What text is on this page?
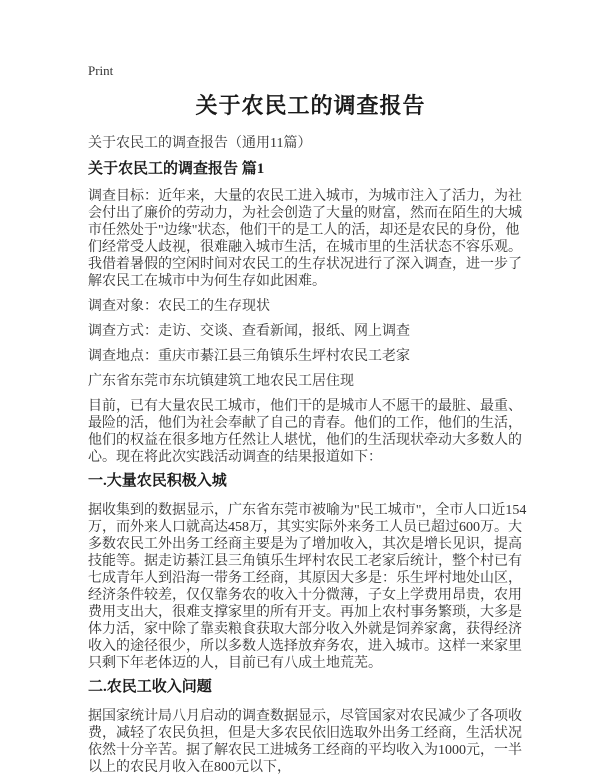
Print
关于农民工的调查报告

关于农民工的调查报告（通用11篇）

关于农民工的调查报告 篇1

调查目标：近年来，大量的农民工进入城市，为城市注入了活力，为社会付出了廉价的劳动力，为社会创造了大量的财富，然而在陌生的大城市任然处于"边缘"状态，他们干的是工人的活，却还是农民的身份，他们经常受人歧视，很难融入城市生活，在城市里的生活状态不容乐观。我借着暑假的空闲时间对农民工的生存状况进行了深入调查，进一步了解农民工在城市中为何生存如此困难。

调查对象：农民工的生存现状

调查方式：走访、交谈、查看新闻，报纸、网上调查

调查地点：重庆市綦江县三角镇乐生坪村农民工老家

广东省东莞市东坑镇建筑工地农民工居住现

目前，已有大量农民工城市，他们干的是城市人不愿干的最脏、最重、最险的活，他们为社会奉献了自己的青春。他们的工作，他们的生活，他们的权益在很多地方任然让人堪忧，他们的生活现状牵动大多数人的心。现在将此次实践活动调查的结果报道如下：

一.大量农民积极入城

据收集到的数据显示，广东省东莞市被喻为"民工城市"，全市人口近154万，而外来人口就高达458万，其实实际外来务工人员已超过600万。大多数农民工外出务工经商主要是为了增加收入，其次是增长见识，提高技能等。据走访綦江县三角镇乐生坪村农民工老家后统计，整个村已有七成青年人到沿海一带务工经商，其原因大多是：乐生坪村地处山区，经济条件较差，仅仅靠务农的收入十分微薄，子女上学费用昂贵，农用费用支出大，很难支撑家里的所有开支。再加上农村事务繁琐，大多是体力活，家中除了靠卖粮食获取大部分收入外就是饲养家禽，获得经济收入的途径很少，所以多数人选择放弃务农，进入城市。这样一来家里只剩下年老体迈的人，目前已有八成土地荒芜。

二.农民工收入问题

据国家统计局八月启动的调查数据显示，尽管国家对农民减少了各项收费，减轻了农民负担，但是大多农民依旧选取外出务工经商，生活状况依然十分辛苦。据了解农民工进城务工经商的平均收入为1000元，一半以上的农民月收入在800元以下，
